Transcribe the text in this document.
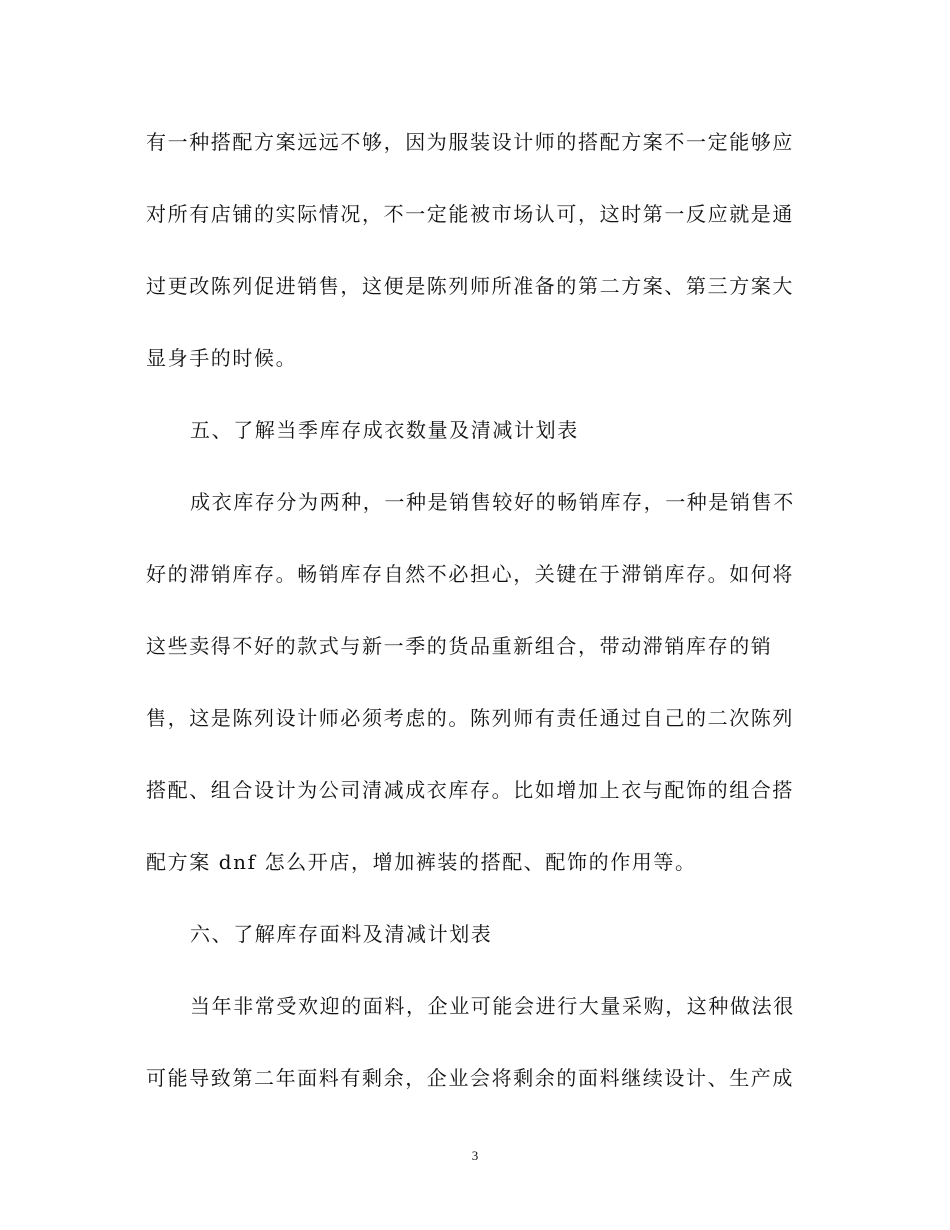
有一种搭配方案远远不够，因为服装设计师的搭配方案不一定能够应
对所有店铺的实际情况，不一定能被市场认可，这时第一反应就是通
过更改陈列促进销售，这便是陈列师所准备的第二方案、第三方案大
显身手的时候。
五、了解当季库存成衣数量及清减计划表
成衣库存分为两种，一种是销售较好的畅销库存，一种是销售不
好的滞销库存。畅销库存自然不必担心，关键在于滞销库存。如何将
这些卖得不好的款式与新一季的货品重新组合，带动滞销库存的销
售，这是陈列设计师必须考虑的。陈列师有责任通过自己的二次陈列
搭配、组合设计为公司清减成衣库存。比如增加上衣与配饰的组合搭
配方案 dnf 怎么开店，增加裤装的搭配、配饰的作用等。
六、了解库存面料及清减计划表
当年非常受欢迎的面料，企业可能会进行大量采购，这种做法很
可能导致第二年面料有剩余，企业会将剩余的面料继续设计、生产成
3
